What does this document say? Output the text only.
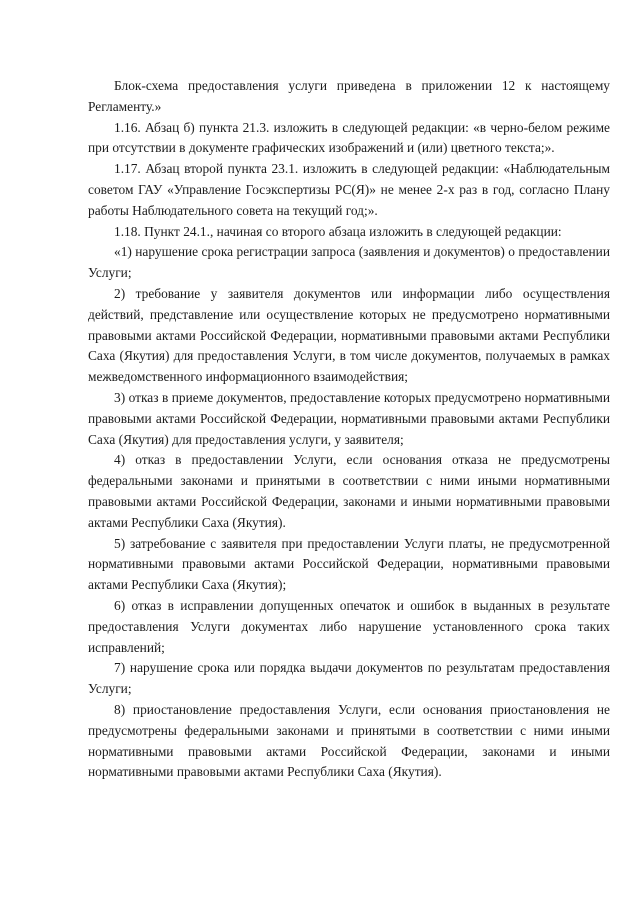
Блок-схема предоставления услуги приведена в приложении 12 к настоящему Регламенту.»

1.16. Абзац б) пункта 21.3. изложить в следующей редакции: «в черно-белом режиме при отсутствии в документе графических изображений и (или) цветного текста;».

1.17. Абзац второй пункта 23.1. изложить в следующей редакции: «Наблюдательным советом ГАУ «Управление Госэкспертизы РС(Я)» не менее 2-х раз в год, согласно Плану работы Наблюдательного совета на текущий год;».

1.18. Пункт 24.1., начиная со второго абзаца изложить в следующей редакции:

«1) нарушение срока регистрации запроса (заявления и документов) о предоставлении Услуги;

2) требование у заявителя документов или информации либо осуществления действий, представление или осуществление которых не предусмотрено нормативными правовыми актами Российской Федерации, нормативными правовыми актами Республики Саха (Якутия) для предоставления Услуги, в том числе документов, получаемых в рамках межведомственного информационного взаимодействия;

3) отказ в приеме документов, предоставление которых предусмотрено нормативными правовыми актами Российской Федерации, нормативными правовыми актами Республики Саха (Якутия) для предоставления услуги, у заявителя;

4) отказ в предоставлении Услуги, если основания отказа не предусмотрены федеральными законами и принятыми в соответствии с ними иными нормативными правовыми актами Российской Федерации, законами и иными нормативными правовыми актами Республики Саха (Якутия).

5) затребование с заявителя при предоставлении Услуги платы, не предусмотренной нормативными правовыми актами Российской Федерации, нормативными правовыми актами Республики Саха (Якутия);

6) отказ в исправлении допущенных опечаток и ошибок в выданных в результате предоставления Услуги документах либо нарушение установленного срока таких исправлений;

7) нарушение срока или порядка выдачи документов по результатам предоставления Услуги;

8) приостановление предоставления Услуги, если основания приостановления не предусмотрены федеральными законами и принятыми в соответствии с ними иными нормативными правовыми актами Российской Федерации, законами и иными нормативными правовыми актами Республики Саха (Якутия).
